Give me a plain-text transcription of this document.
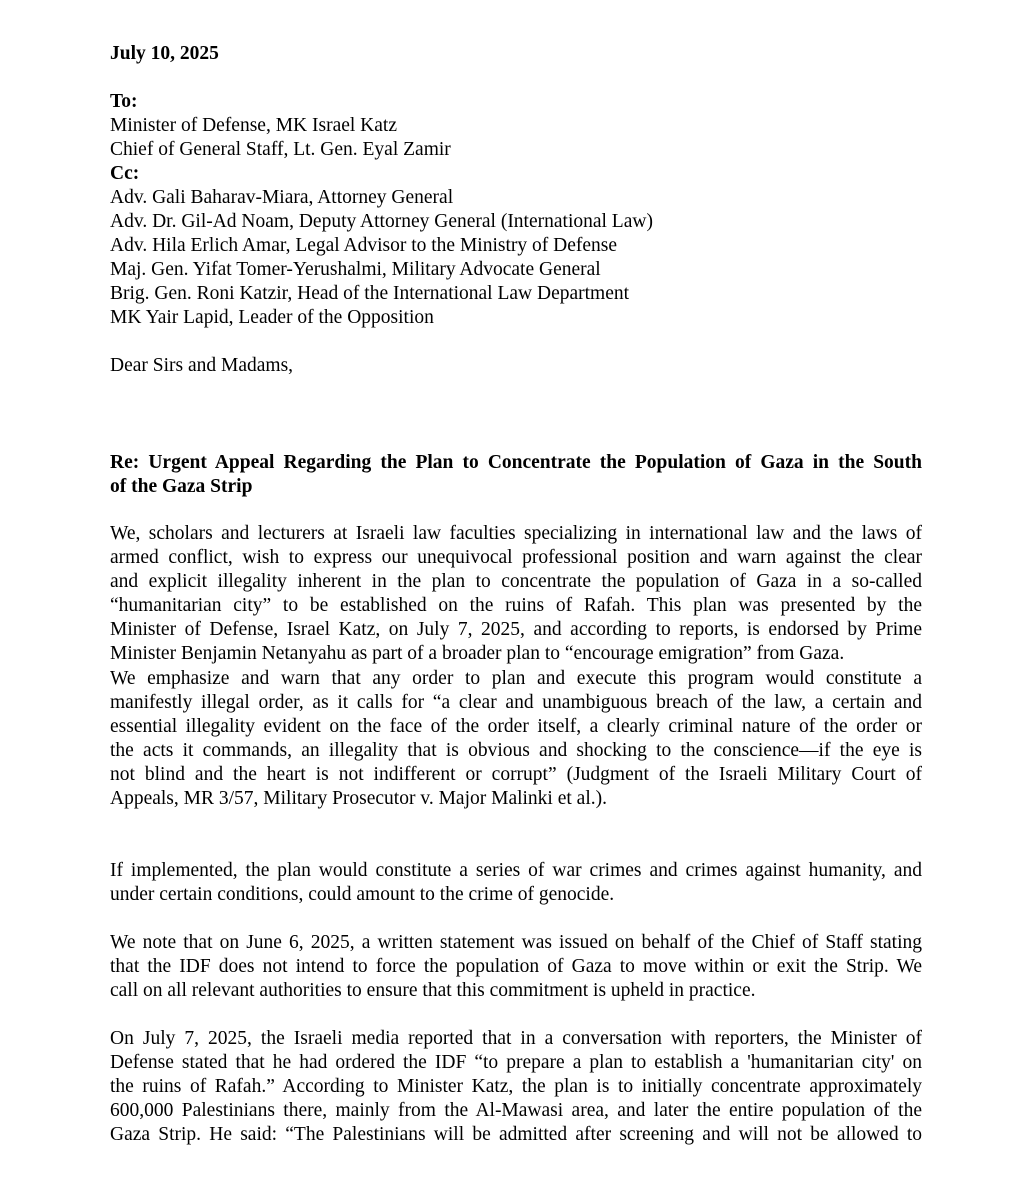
July 10, 2025
To:
Minister of Defense, MK Israel Katz
Chief of General Staff, Lt. Gen. Eyal Zamir
Cc:
Adv. Gali Baharav-Miara, Attorney General
Adv. Dr. Gil-Ad Noam, Deputy Attorney General (International Law)
Adv. Hila Erlich Amar, Legal Advisor to the Ministry of Defense
Maj. Gen. Yifat Tomer-Yerushalmi, Military Advocate General
Brig. Gen. Roni Katzir, Head of the International Law Department
MK Yair Lapid, Leader of the Opposition
Dear Sirs and Madams,
Re: Urgent Appeal Regarding the Plan to Concentrate the Population of Gaza in the South
of the Gaza Strip
We, scholars and lecturers at Israeli law faculties specializing in international law and the laws of
armed conflict, wish to express our unequivocal professional position and warn against the clear
and explicit illegality inherent in the plan to concentrate the population of Gaza in a so-called
“humanitarian city” to be established on the ruins of Rafah. This plan was presented by the
Minister of Defense, Israel Katz, on July 7, 2025, and according to reports, is endorsed by Prime
Minister Benjamin Netanyahu as part of a broader plan to “encourage emigration” from Gaza.
We emphasize and warn that any order to plan and execute this program would constitute a
manifestly illegal order, as it calls for “a clear and unambiguous breach of the law, a certain and
essential illegality evident on the face of the order itself, a clearly criminal nature of the order or
the acts it commands, an illegality that is obvious and shocking to the conscience—if the eye is
not blind and the heart is not indifferent or corrupt” (Judgment of the Israeli Military Court of
Appeals, MR 3/57, Military Prosecutor v. Major Malinki et al.).
If implemented, the plan would constitute a series of war crimes and crimes against humanity, and
under certain conditions, could amount to the crime of genocide.
We note that on June 6, 2025, a written statement was issued on behalf of the Chief of Staff stating
that the IDF does not intend to force the population of Gaza to move within or exit the Strip. We
call on all relevant authorities to ensure that this commitment is upheld in practice.
On July 7, 2025, the Israeli media reported that in a conversation with reporters, the Minister of
Defense stated that he had ordered the IDF “to prepare a plan to establish a 'humanitarian city' on
the ruins of Rafah.” According to Minister Katz, the plan is to initially concentrate approximately
600,000 Palestinians there, mainly from the Al-Mawasi area, and later the entire population of the
Gaza Strip. He said: “The Palestinians will be admitted after screening and will not be allowed to
